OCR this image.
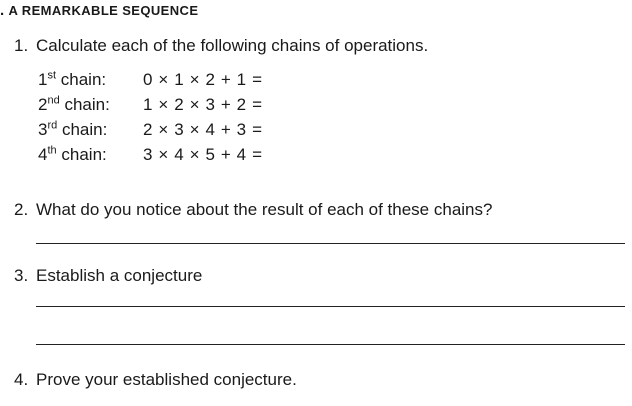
. A REMARKABLE SEQUENCE
1. Calculate each of the following chains of operations.
1st chain:	0 × 1 × 2 + 1 =
2nd chain:	1 × 2 × 3 + 2 =
3rd chain:	2 × 3 × 4 + 3 =
4th chain:	3 × 4 × 5 + 4 =
2. What do you notice about the result of each of these chains?
3. Establish a conjecture
4. Prove your established conjecture.
